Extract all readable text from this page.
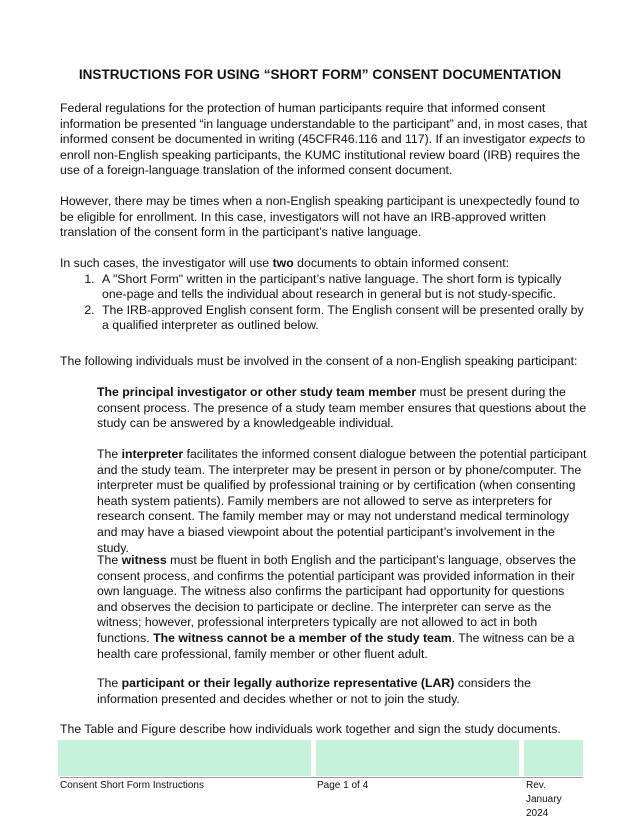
INSTRUCTIONS FOR USING “SHORT FORM” CONSENT DOCUMENTATION
Federal regulations for the protection of human participants require that informed consent information be presented “in language understandable to the participant” and, in most cases, that informed consent be documented in writing (45CFR46.116 and 117). If an investigator expects to enroll non-English speaking participants, the KUMC institutional review board (IRB) requires the use of a foreign-language translation of the informed consent document.
However, there may be times when a non-English speaking participant is unexpectedly found to be eligible for enrollment. In this case, investigators will not have an IRB-approved written translation of the consent form in the participant’s native language.
In such cases, the investigator will use two documents to obtain informed consent:
1. A "Short Form" written in the participant’s native language. The short form is typically one-page and tells the individual about research in general but is not study-specific.
2. The IRB-approved English consent form. The English consent will be presented orally by a qualified interpreter as outlined below.
The following individuals must be involved in the consent of a non-English speaking participant:
The principal investigator or other study team member must be present during the consent process. The presence of a study team member ensures that questions about the study can be answered by a knowledgeable individual.
The interpreter facilitates the informed consent dialogue between the potential participant and the study team. The interpreter may be present in person or by phone/computer. The interpreter must be qualified by professional training or by certification (when consenting heath system patients). Family members are not allowed to serve as interpreters for research consent. The family member may or may not understand medical terminology and may have a biased viewpoint about the potential participant’s involvement in the study.
The witness must be fluent in both English and the participant’s language, observes the consent process, and confirms the potential participant was provided information in their own language. The witness also confirms the participant had opportunity for questions and observes the decision to participate or decline. The interpreter can serve as the witness; however, professional interpreters typically are not allowed to act in both functions. The witness cannot be a member of the study team. The witness can be a health care professional, family member or other fluent adult.
The participant or their legally authorize representative (LAR) considers the information presented and decides whether or not to join the study.
The Table and Figure describe how individuals work together and sign the study documents.
Consent Short Form Instructions	Page 1 of 4	Rev. January 2024
